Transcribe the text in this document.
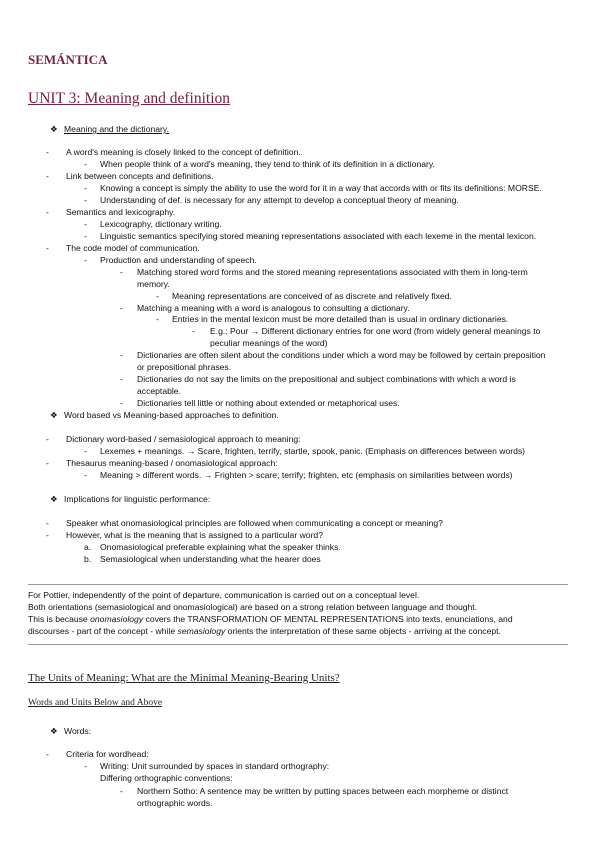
SEMÁNTICA
UNIT 3: Meaning and definition
❖ Meaning and the dictionary.
- A word's meaning is closely linked to the concept of definition.
- When people think of a word's meaning, they tend to think of its definition in a dictionary.
- Link between concepts and definitions.
- Knowing a concept is simply the ability to use the word for it in a way that accords with or fits its definitions: MORSE.
- Understanding of def. is necessary for any attempt to develop a conceptual theory of meaning.
- Semantics and lexicography.
- Lexicography, dictionary writing.
- Linguistic semantics specifying stored meaning representations associated with each lexeme in the mental lexicon.
- The code model of communication.
- Production and understanding of speech.
- Matching stored word forms and the stored meaning representations associated with them in long-term
memory.
- Meaning representations are conceived of as discrete and relatively fixed.
- Matching a meaning with a word is analogous to consulting a dictionary.
- Entries in the mental lexicon must be more detailed than is usual in ordinary dictionaries.
- E.g.: Pour → Different dictionary entries for one word (from widely general meanings to
peculiar meanings of the word)
- Dictionaries are often silent about the conditions under which a word may be followed by certain preposition
or prepositional phrases.
- Dictionaries do not say the limits on the prepositional and subject combinations with which a word is
acceptable.
- Dictionaries tell little or nothing about extended or metaphorical uses.
❖ Word based vs Meaning-based approaches to definition.
- Dictionary word-based / semasiological approach to meaning:
- Lexemes + meanings. → Scare, frighten, terrify, startle, spook, panic. (Emphasis on differences between words)
- Thesaurus meaning-based / onomasiological approach:
- Meaning > different words. → Frighten > scare; terrify; frighten, etc (emphasis on similarities between words)
❖ Implications for linguistic performance:
- Speaker what onomasiological principles are followed when communicating a concept or meaning?
- However, what is the meaning that is assigned to a particular word?
a. Onomasiological preferable explaining what the speaker thinks.
b. Semasiological when understanding what the hearer does
For Pottier, independently of the point of departure, communication is carried out on a conceptual level.
Both orientations (semasiological and onomasiological) are based on a strong relation between language and thought.
This is because onomasiology covers the TRANSFORMATION OF MENTAL REPRESENTATIONS into texts, enunciations, and
discourses - part of the concept - while semasiology orients the interpretation of these same objects - arriving at the concept.
The Units of Meaning: What are the Minimal Meaning-Bearing Units?
Words and Units Below and Above
❖ Words:
- Criteria for wordhead:
- Writing: Unit surrounded by spaces in standard orthography:
Differing orthographic conventions:
- Northern Sotho: A sentence may be written by putting spaces between each morpheme or distinct
orthographic words.
